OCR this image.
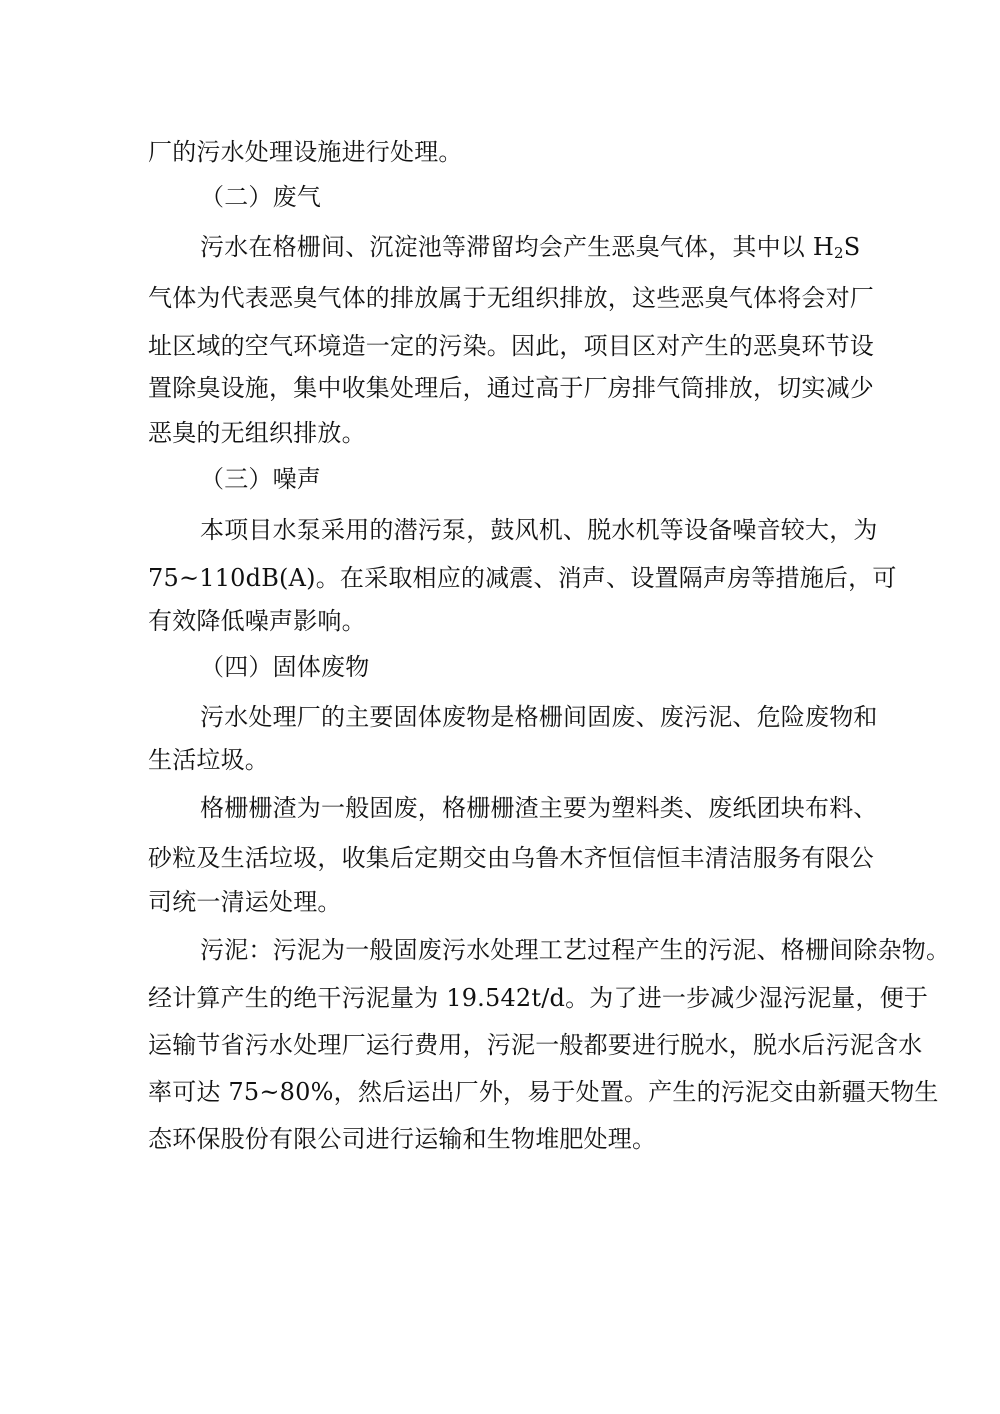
厂的污水处理设施进行处理。
（二）废气
污水在格栅间、沉淀池等滞留均会产生恶臭气体，其中以 $H_2S$
气体为代表恶臭气体的排放属于无组织排放，这些恶臭气体将会对厂
址区域的空气环境造一定的污染。因此，项目区对产生的恶臭环节设
置除臭设施，集中收集处理后，通过高于厂房排气筒排放，切实减少
恶臭的无组织排放。
（三）噪声
本项目水泵采用的潜污泵，鼓风机、脱水机等设备噪音较大，为
75~110dB(A)。在采取相应的减震、消声、设置隔声房等措施后，可
有效降低噪声影响。
（四）固体废物
污水处理厂的主要固体废物是格栅间固废、废污泥、危险废物和
生活垃圾。
格栅栅渣为一般固废，格栅栅渣主要为塑料类、废纸团块布料、
砂粒及生活垃圾，收集后定期交由乌鲁木齐恒信恒丰清洁服务有限公
司统一清运处理。
污泥：污泥为一般固废污水处理工艺过程产生的污泥、格栅间除杂物。
经计算产生的绝干污泥量为 19.542t/d。为了进一步减少湿污泥量，便于
运输节省污水处理厂运行费用，污泥一般都要进行脱水，脱水后污泥含水
率可达 75~80%，然后运出厂外，易于处置。产生的污泥交由新疆天物生
态环保股份有限公司进行运输和生物堆肥处理。
